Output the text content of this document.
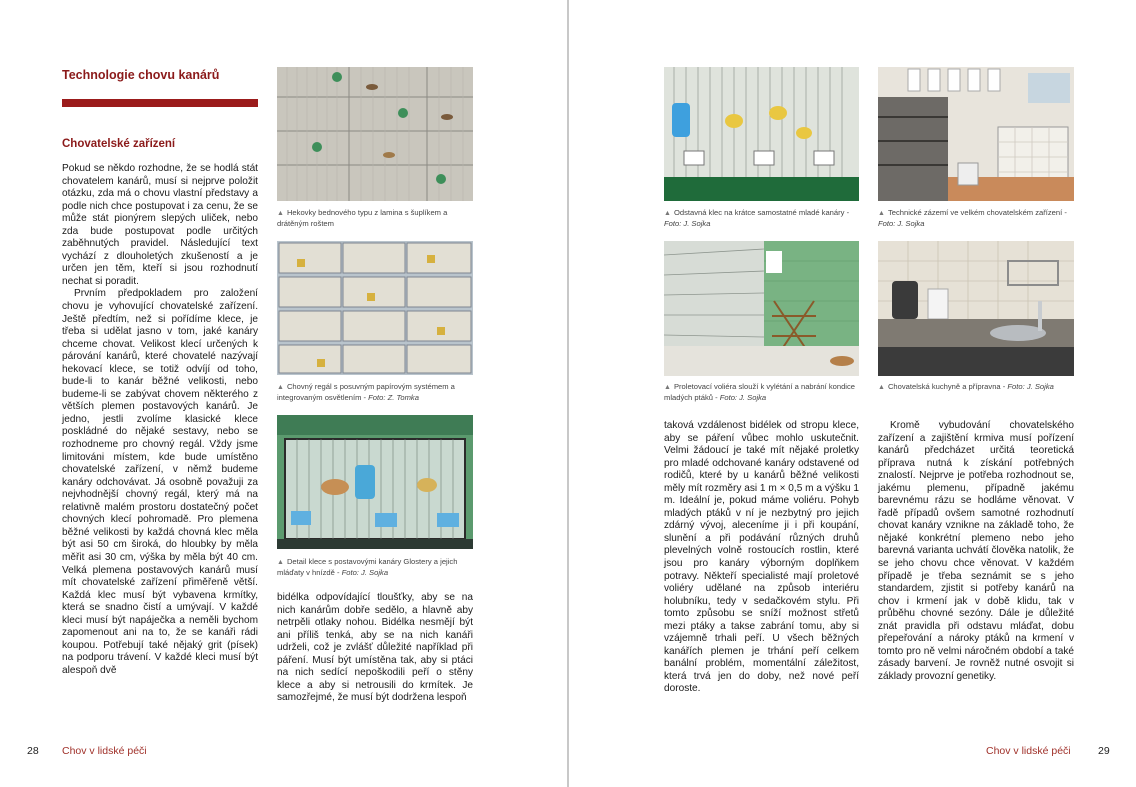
Technologie chovu kanárů
Chovatelské zařízení

Pokud se někdo rozhodne, že se hodlá stát chovatelem kanárů, musí si nejprve položit otázku, zda má o chovu vlastní představy a podle nich chce postupovat i za cenu, že se může stát pionýrem slepých uliček, nebo zda bude postupovat podle určitých zaběhnutých pravidel. Následující text vychází z dlouholetých zkušeností a je určen jen těm, kteří si jsou rozhodnutí nechat si poradit.

Prvním předpokladem pro založení chovu je vyhovující chovatelské zařízení. Ještě předtím, než si pořídíme klece, je třeba si udělat jasno v tom, jaké kanáry chceme chovat. Velikost klecí určených k párování kanárů, které chovatelé nazývají hekovací klece, se totiž odvíjí od toho, bude-li to kanár běžné velikosti, nebo budeme-li se zabývat chovem některého z větších plemen postavových kanárů. Je jedno, jestli zvolíme klasické klece poskládné do nějaké sestavy, nebo se rozhodneme pro chovný regál. Vždy jsme limitováni místem, kde bude umístěno chovatelské zařízení, v němž budeme kanáry odchovávat. Já osobně považuji za nejvhodnější chovný regál, který má na relativně malém prostoru dostatečný počet chovných klecí pohromadě. Pro plemena běžné velikosti by každá chovná klec měla být asi 50 cm široká, do hloubky by měla měřit asi 30 cm, výška by měla být 40 cm. Velká plemena postavových kanárů musí mít chovatelské zařízení přiměřeně větší. Každá klec musí být vybavena krmítky, která se snadno čistí a umývají. V každé kleci musí být napáječka a neměli bychom zapomenout ani na to, že se kanáři rádi koupou. Potřebují také nějaký grit (písek) na podporu trávení. V každé kleci musí být alespoň dvě

▲ Hekovky bednového typu z lamina s šuplíkem a drátěným roštem
▲ Chovný regál s posuvným papírovým systémem a integrovaným osvětlením - Foto: Z. Tomka
▲ Detail klece s postavovými kanáry Glostery a jejich mláďaty v hnízdě - Foto: J. Sojka

bidélka odpovídající tloušťky, aby se na nich kanárům dobře sedělo, a hlavně aby netrpěli otlaky nohou. Bidélka nesmějí být ani příliš tenká, aby se na nich kanáři udrželi, což je zvlášť důležité například při páření. Musí být umístěna tak, aby si ptáci na nich sedící nepoškodili peří o stěny klece a aby si netrousili do krmítek. Je samozřejmé, že musí být dodržena lespoň

28 Chov v lidské péči
▲ Odstavná klec na krátce samostatné mladé kanáry - Foto: J. Sojka
▲ Technické zázemí ve velkém chovatelském zařízení - Foto: J. Sojka
▲ Proletovací voliéra slouží k vylétání a nabrání kondice mladých ptáků - Foto: J. Sojka
▲ Chovatelská kuchyně a přípravna - Foto: J. Sojka

taková vzdálenost bidélek od stropu klece, aby se páření vůbec mohlo uskutečnit. Velmi žádoucí je také mít nějaké proletky pro mladé odchované kanáry odstavené od rodičů, které by u kanárů běžné velikosti měly mít rozměry asi 1 m × 0,5 m a výšku 1 m. Ideální je, pokud máme voliéru. Pohyb mladých ptáků v ní je nezbytný pro jejich zdárný vývoj, aleceníme ji i při koupání, slunění a při podávání různých druhů plevelných volně rostoucích rostlin, které jsou pro kanáry výborným doplňkem potravy. Někteří specialisté mají proletové voliéry udělané na způsob interiéru holubníku, tedy v sedačkovém stylu. Při tomto způsobu se sníží možnost střetů mezi ptáky a takse zabrání tomu, aby si vzájemně trhali peří. U všech běžných kanářích plemen je trhání peří celkem banální problém, momentální záležitost, která trvá jen do doby, než nové peří doroste.

Kromě vybudování chovatelského zařízení a zajištění krmiva musí pořízení kanárů předcházet určitá teoretická příprava nutná k získání potřebných znalostí. Nejprve je potřeba rozhodnout se, jakému plemenu, případně jakému barevnému rázu se hodláme věnovat. V řadě případů ovšem samotné rozhodnutí chovat kanáry vznikne na základě toho, že nějaké konkrétní plemeno nebo jeho barevná varianta uchvátí člověka natolik, že se jeho chovu chce věnovat. V každém případě je třeba seznámit se s jeho standardem, zjistit si potřeby kanárů na chov i krmení jak v době klidu, tak v průběhu chovné sezóny. Dále je důležité znát pravidla při odstavu mláďat, dobu přepeřování a nároky ptáků na krmení v tomto pro ně velmi náročném období a také zásady barvení. Je rovněž nutné osvojit si základy provozní genetiky.

Chov v lidské péči	29
